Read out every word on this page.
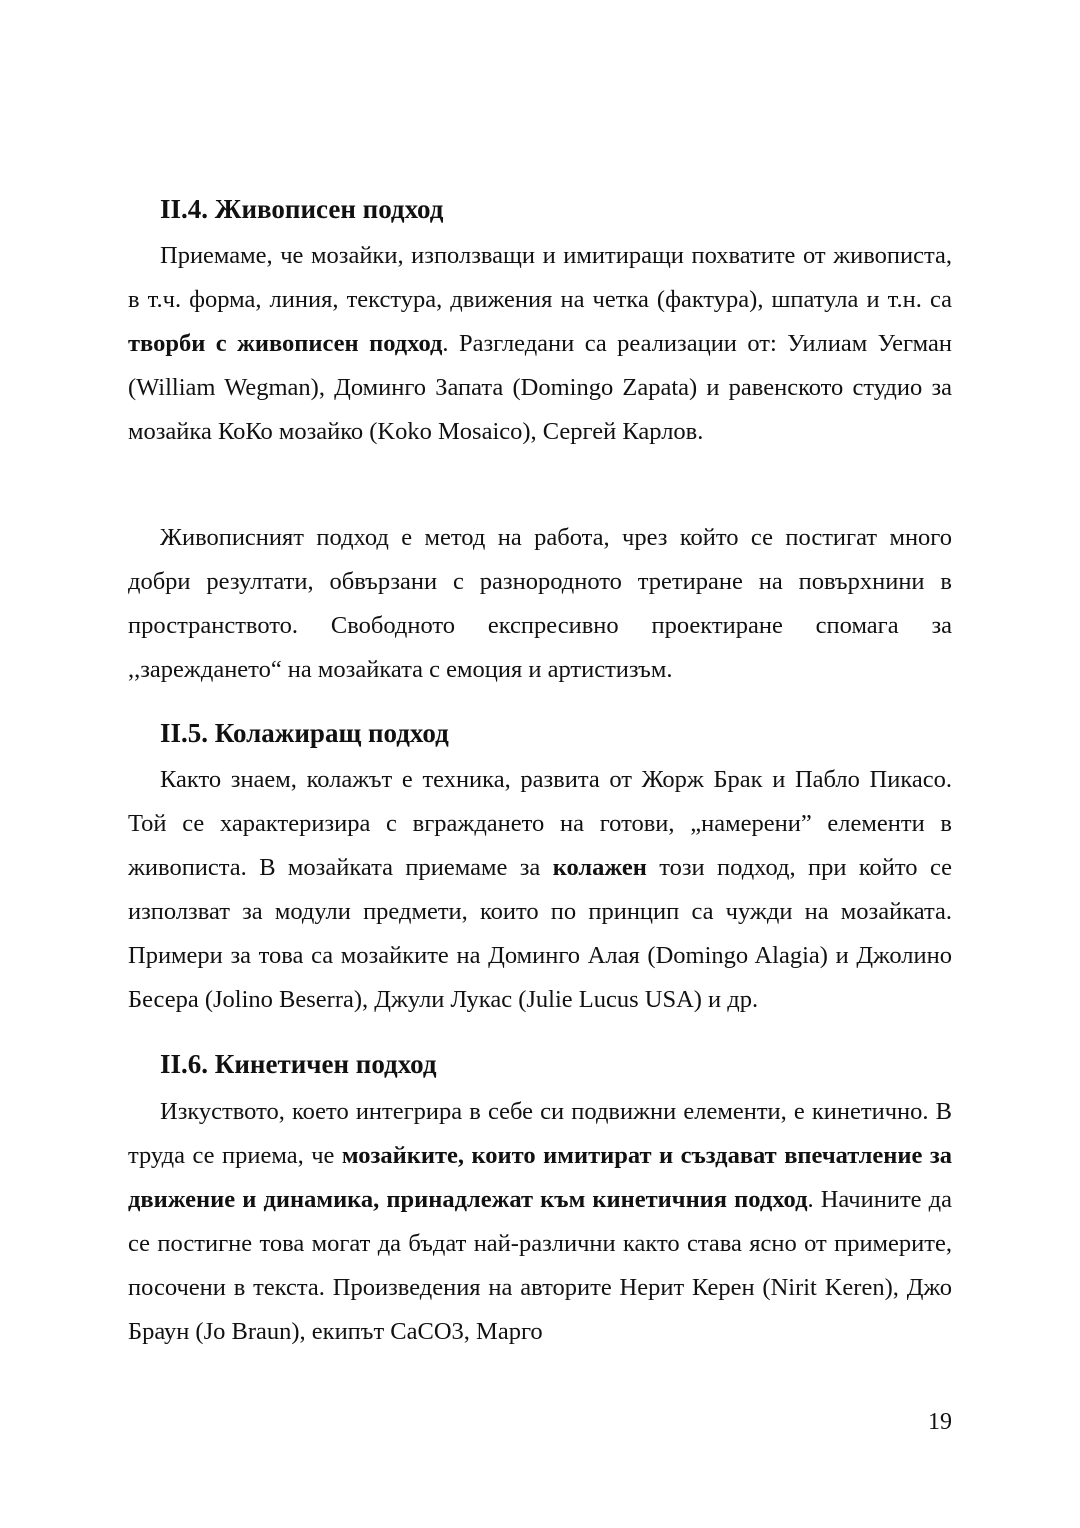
II.4. Живописен подход

Приемаме, че мозайки, използващи и имитиращи похватите от живописта, в т.ч. форма, линия, текстура, движения на четка (фактура), шпатула и т.н. са творби с живописен подход. Разгледани са реализации от: Уилиам Уегман (William Wegman), Доминго Запата (Domingo Zapata) и равенското студио за мозайка КоКо мозайко (Koko Mosaico), Сергей Карлов.

Живописният подход е метод на работа, чрез който се постигат много добри резултати, обвързани с разнородното третиране на повърхнини в пространството. Свободното експресивно проектиране спомага за ,,зареждането“ на мозайката с емоция и артистизъм.

II.5. Колажиращ подход

Както знаем, колажът е техника, развита от Жорж Брак и Пабло Пикасо. Той се характеризира с вграждането на готови, „намерени” елементи в живописта. В мозайката приемаме за колажен този подход, при който се използват за модули предмети, които по принцип са чужди на мозайката. Примери за това са мозайките на Доминго Алая (Domingo Alagia) и Джолино Бесера (Jolino Beserra), Джули Лукас (Julie Lucus USA) и др.

II.6. Кинетичен подход

Изкуството, което интегрира в себе си подвижни елементи, е кинетично. В труда се приема, че мозайките, които имитират и създават впечатление за движение и динамика, принадлежат към кинетичния подход. Начините да се постигне това могат да бъдат най-различни както става ясно от примерите, посочени в текста. Произведения на авторите Нерит Керен (Nirit Keren), Джо Браун (Jo Braun), екипът CaCO3, Марго

19
